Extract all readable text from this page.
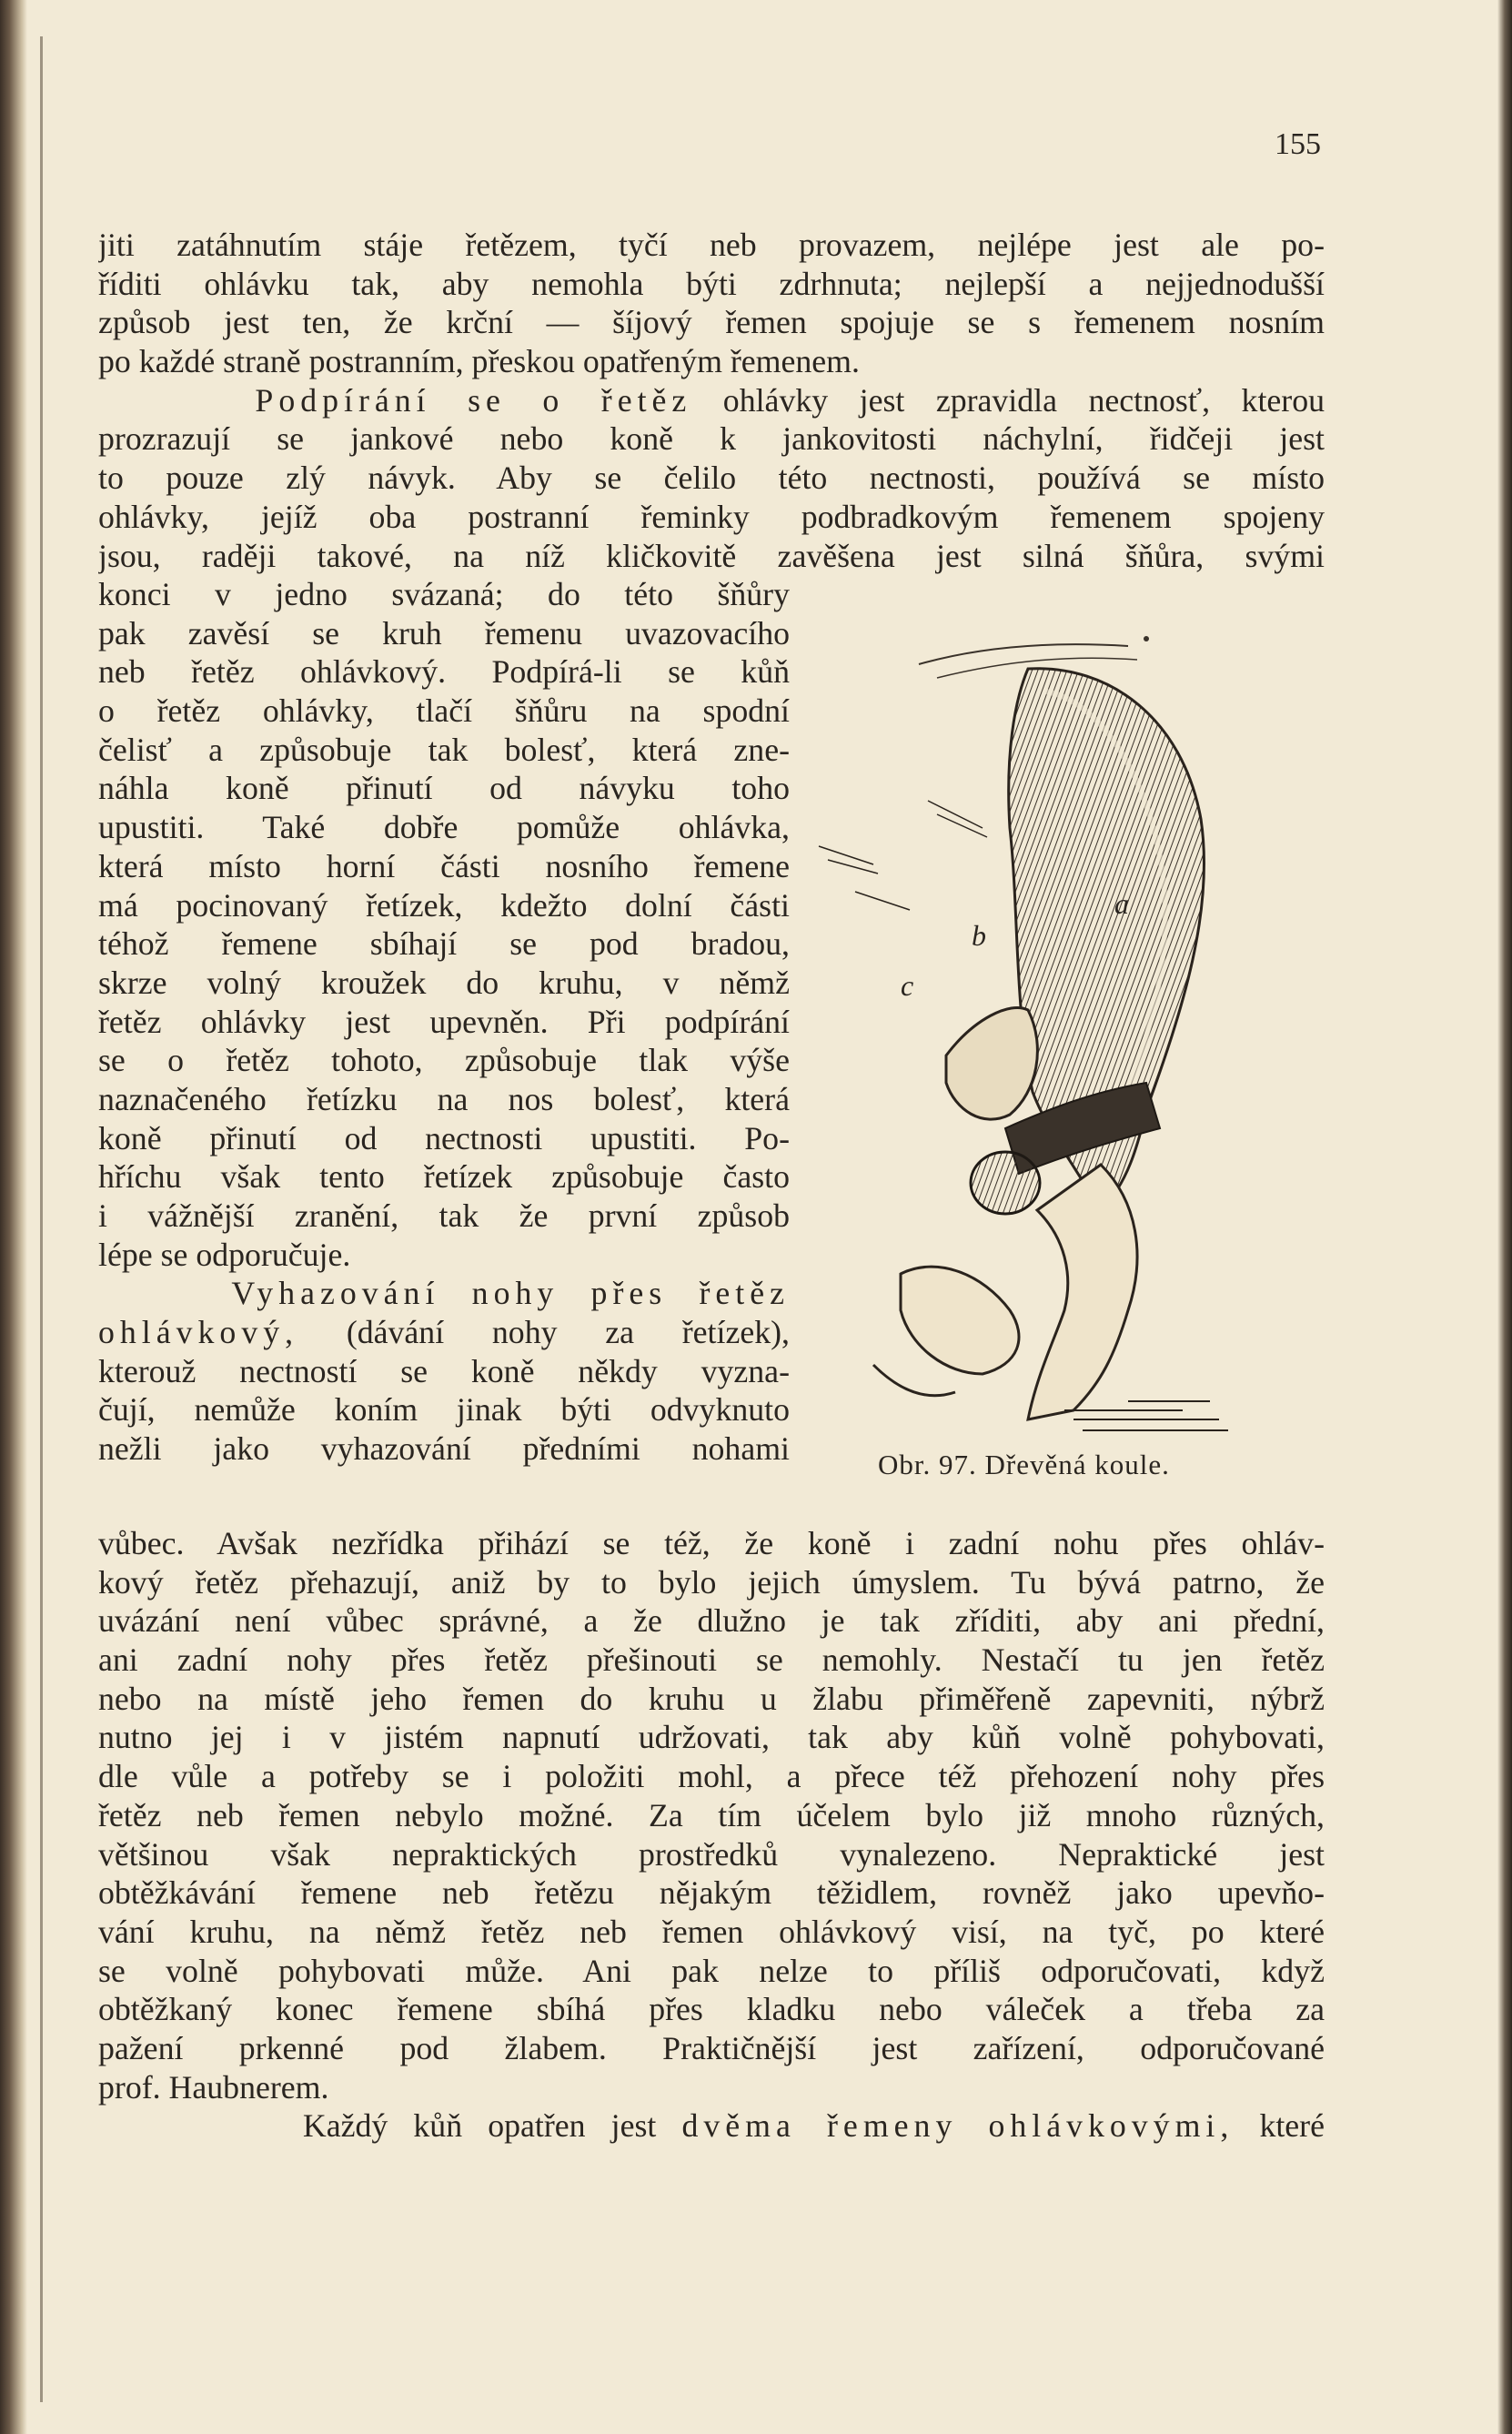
155
jiti zatáhnutím stáje řetězem, tyčí neb provazem, nejlépe jest ale po-
říditi ohlávku tak, aby nemohla býti zdrhnuta; nejlepší a nejjednodušší
způsob jest ten, že krční — šíjový řemen spojuje se s řemenem nosním
po každé straně postranním, přeskou opatřeným řemenem.
Podpírání se o řetěz ohlávky jest zpravidla nectnosť, kterou
prozrazují se jankové nebo koně k jankovitosti náchylní, řidčeji jest
to pouze zlý návyk. Aby se čelilo této nectnosti, používá se místo
ohlávky, jejíž oba postranní řeminky podbradkovým řemenem spojeny
jsou, raději takové, na níž kličkovitě zavěšena jest silná šňůra, svými
konci v jedno svázaná; do této šňůry
pak zavěsí se kruh řemenu uvazovacího
neb řetěz ohlávkový. Podpírá-li se kůň
o řetěz ohlávky, tlačí šňůru na spodní
čelisť a způsobuje tak bolesť, která zne-
náhla koně přinutí od návyku toho
upustiti. Také dobře pomůže ohlávka,
která místo horní části nosního řemene
má pocinovaný řetízek, kdežto dolní části
téhož řemene sbíhají se pod bradou,
skrze volný kroužek do kruhu, v němž
řetěz ohlávky jest upevněn. Při podpírání
se o řetěz tohoto, způsobuje tlak výše
naznačeného řetízku na nos bolesť, která
koně přinutí od nectnosti upustiti. Po-
hříchu však tento řetízek způsobuje často
i vážnější zranění, tak že první způsob
lépe se odporučuje.
Vyhazování nohy přes řetěz
ohlávkový, (dávání nohy za řetízek),
kterouž nectností se koně někdy vyzna-
čují, nemůže koním jinak býti odvyknuto
nežli jako vyhazování předními nohami
a
b
c
Obr. 97. Dřevěná koule.
vůbec. Avšak nezřídka přihází se též, že koně i zadní nohu přes ohláv-
kový řetěz přehazují, aniž by to bylo jejich úmyslem. Tu bývá patrno, že
uvázání není vůbec správné, a že dlužno je tak zříditi, aby ani přední,
ani zadní nohy přes řetěz přešinouti se nemohly. Nestačí tu jen řetěz
nebo na místě jeho řemen do kruhu u žlabu přiměřeně zapevniti, nýbrž
nutno jej i v jistém napnutí udržovati, tak aby kůň volně pohybovati,
dle vůle a potřeby se i položiti mohl, a přece též přehození nohy přes
řetěz neb řemen nebylo možné. Za tím účelem bylo již mnoho různých,
většinou však nepraktických prostředků vynalezeno. Nepraktické jest
obtěžkávání řemene neb řetězu nějakým těžidlem, rovněž jako upevňo-
vání kruhu, na němž řetěz neb řemen ohlávkový visí, na tyč, po které
se volně pohybovati může. Ani pak nelze to příliš odporučovati, když
obtěžkaný konec řemene sbíhá přes kladku nebo váleček a třeba za
pažení prkenné pod žlabem. Praktičnější jest zařízení, odporučované
prof. Haubnerem.
Každý kůň opatřen jest dvěma řemeny ohlávkovými, které
